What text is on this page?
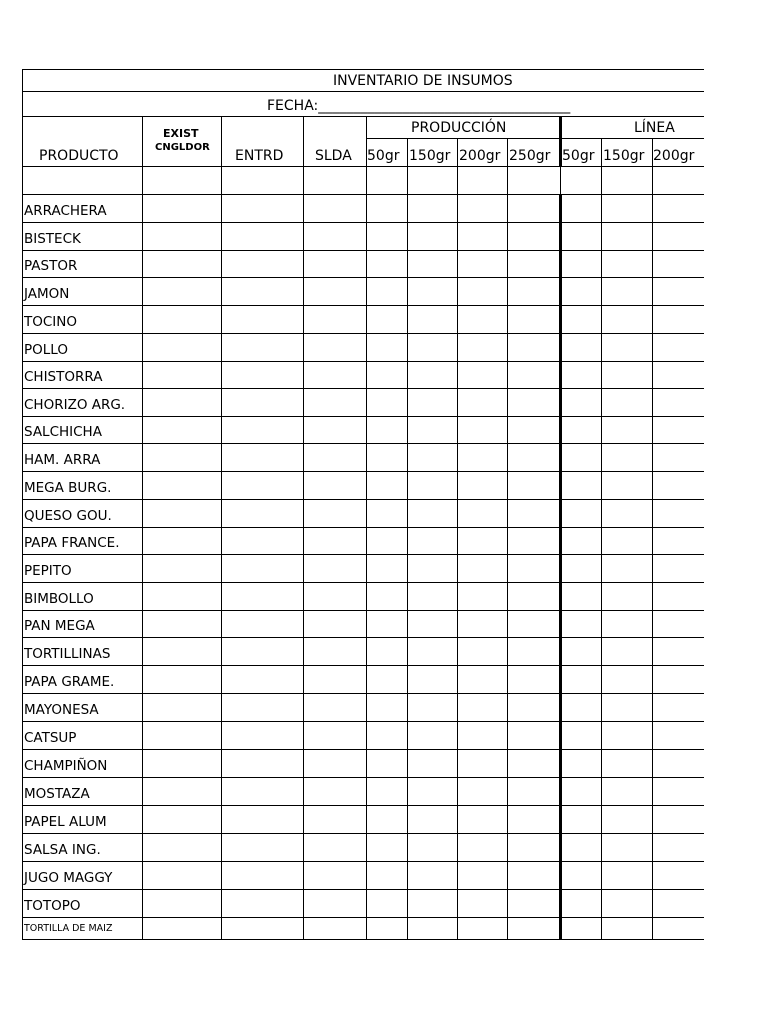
INVENTARIO DE INSUMOS
FECHA:____________________________________
PRODUCTO
EXIST
CNGLDOR
ENTRD SLDA
PRODUCCIÓN	LÍNEA
50gr 150gr 200gr 250gr 50gr 150gr 200gr
ARRACHERA
BISTECK
PASTOR
JAMON
TOCINO
POLLO
CHISTORRA
CHORIZO ARG.
SALCHICHA
HAM. ARRA
MEGA BURG.
QUESO GOU.
PAPA FRANCE.
PEPITO
BIMBOLLO
PAN MEGA
TORTILLINAS
PAPA GRAME.
MAYONESA
CATSUP
CHAMPIÑON
MOSTAZA
PAPEL ALUM
SALSA ING.
JUGO MAGGY
TOTOPO
TORTILLA DE MAIZ
